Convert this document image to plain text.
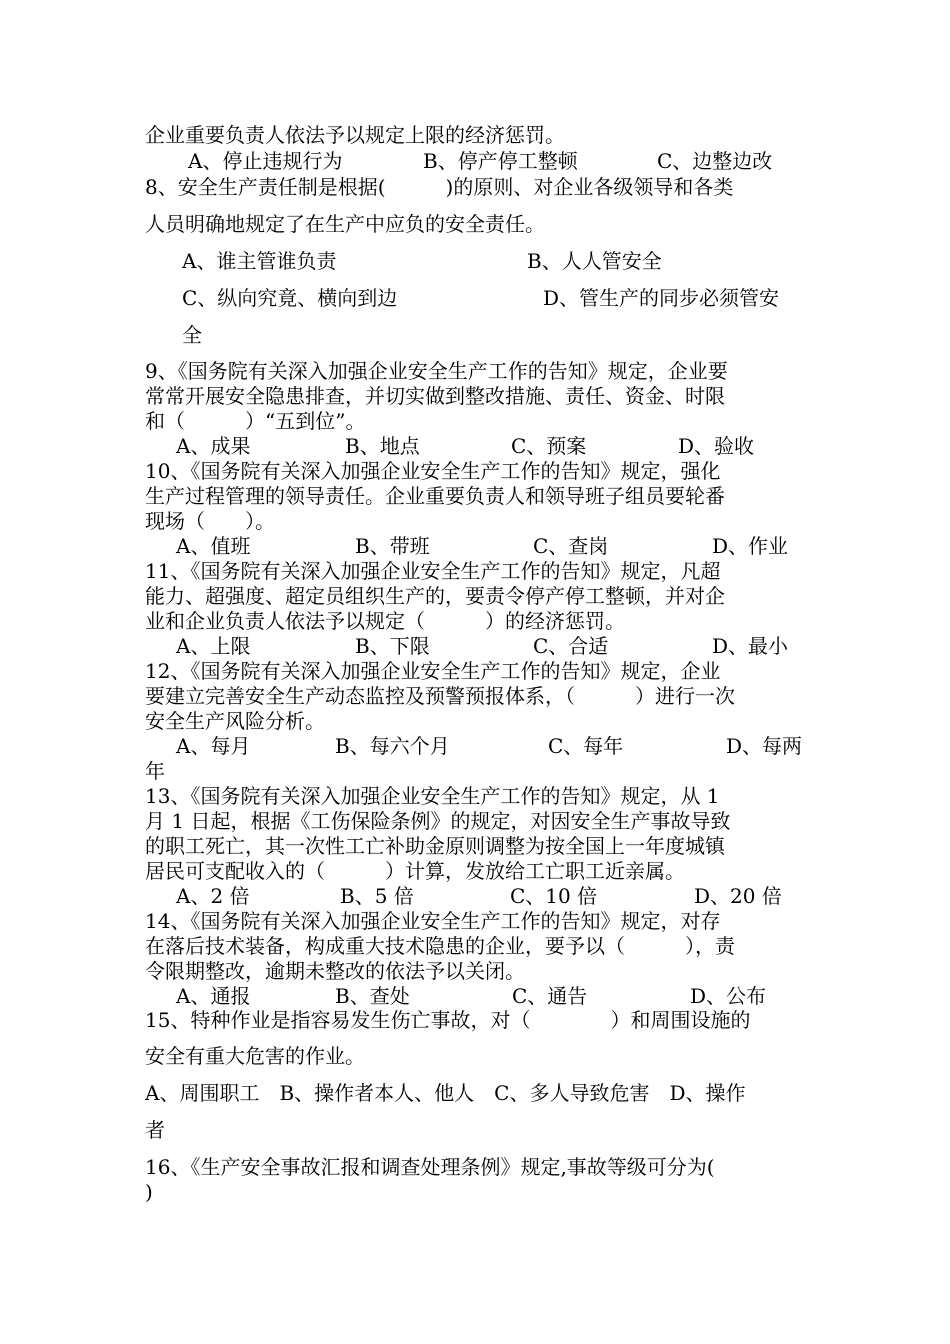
企业重要负责人依法予以规定上限的经济惩罚。
A、停止违规行为	B、停产停工整顿	C、边整边改
8、安全生产责任制是根据(　　　)的原则、对企业各级领导和各类
人员明确地规定了在生产中应负的安全责任。
A、谁主管谁负责	B、人人管安全
C、纵向究竟、横向到边	D、管生产的同步必须管安
全
9、《国务院有关深入加强企业安全生产工作的告知》规定，企业要
常常开展安全隐患排查，并切实做到整改措施、责任、资金、时限
和（　　　）“五到位”。
A、成果	B、地点	C、预案	D、验收
10、《国务院有关深入加强企业安全生产工作的告知》规定，强化
生产过程管理的领导责任。企业重要负责人和领导班子组员要轮番
现场（　　）。
A、值班	B、带班	C、查岗	D、作业
11、《国务院有关深入加强企业安全生产工作的告知》规定，凡超
能力、超强度、超定员组织生产的，要责令停产停工整顿，并对企
业和企业负责人依法予以规定（　　　）的经济惩罚。
A、上限	B、下限	C、合适	D、最小
12、《国务院有关深入加强企业安全生产工作的告知》规定，企业
要建立完善安全生产动态监控及预警预报体系，（　　　）进行一次
安全生产风险分析。
A、每月	B、每六个月	C、每年	D、每两
年
13、《国务院有关深入加强企业安全生产工作的告知》规定，从 1
月 1 日起，根据《工伤保险条例》的规定，对因安全生产事故导致
的职工死亡，其一次性工亡补助金原则调整为按全国上一年度城镇
居民可支配收入的（　　　）计算，发放给工亡职工近亲属。
A、2 倍	B、5 倍	C、10 倍	D、20 倍
14、《国务院有关深入加强企业安全生产工作的告知》规定，对存
在落后技术装备，构成重大技术隐患的企业，要予以（　　　），责
令限期整改，逾期未整改的依法予以关闭。
A、通报	B、查处	C、通告	D、公布
15、特种作业是指容易发生伤亡事故，对（　　　　）和周围设施的
安全有重大危害的作业。
A、周围职工　B、操作者本人、他人　C、多人导致危害　D、操作
者
16、《生产安全事故汇报和调查处理条例》规定,事故等级可分为(
)
